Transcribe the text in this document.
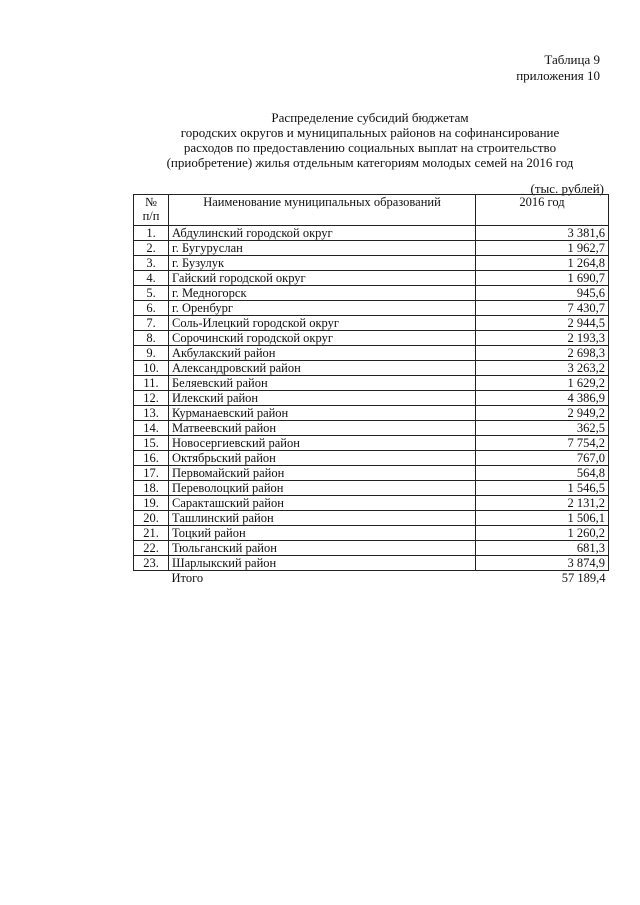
Таблица 9
приложения 10
Распределение субсидий бюджетам
городских округов и муниципальных районов на софинансирование
расходов по предоставлению социальных выплат на строительство
(приобретение) жилья отдельным категориям молодых семей на 2016 год
(тыс. рублей)
№
п/п	Наименование муниципальных образований	2016 год
1.	Абдулинский городской округ	3 381,6
2.	г. Бугуруслан	1 962,7
3.	г. Бузулук	1 264,8
4.	Гайский городской округ	1 690,7
5.	г. Медногорск	945,6
6.	г. Оренбург	7 430,7
7.	Соль-Илецкий городской округ	2 944,5
8.	Сорочинский городской округ	2 193,3
9.	Акбулакский район	2 698,3
10.	Александровский район	3 263,2
11.	Беляевский район	1 629,2
12.	Илекский район	4 386,9
13.	Курманаевский район	2 949,2
14.	Матвеевский район	362,5
15.	Новосергиевский район	7 754,2
16.	Октябрьский район	767,0
17.	Первомайский район	564,8
18.	Переволоцкий район	1 546,5
19.	Саракташский район	2 131,2
20.	Ташлинский район	1 506,1
21.	Тоцкий район	1 260,2
22.	Тюльганский район	681,3
23.	Шарлыкский район	3 874,9
	Итого	57 189,4
